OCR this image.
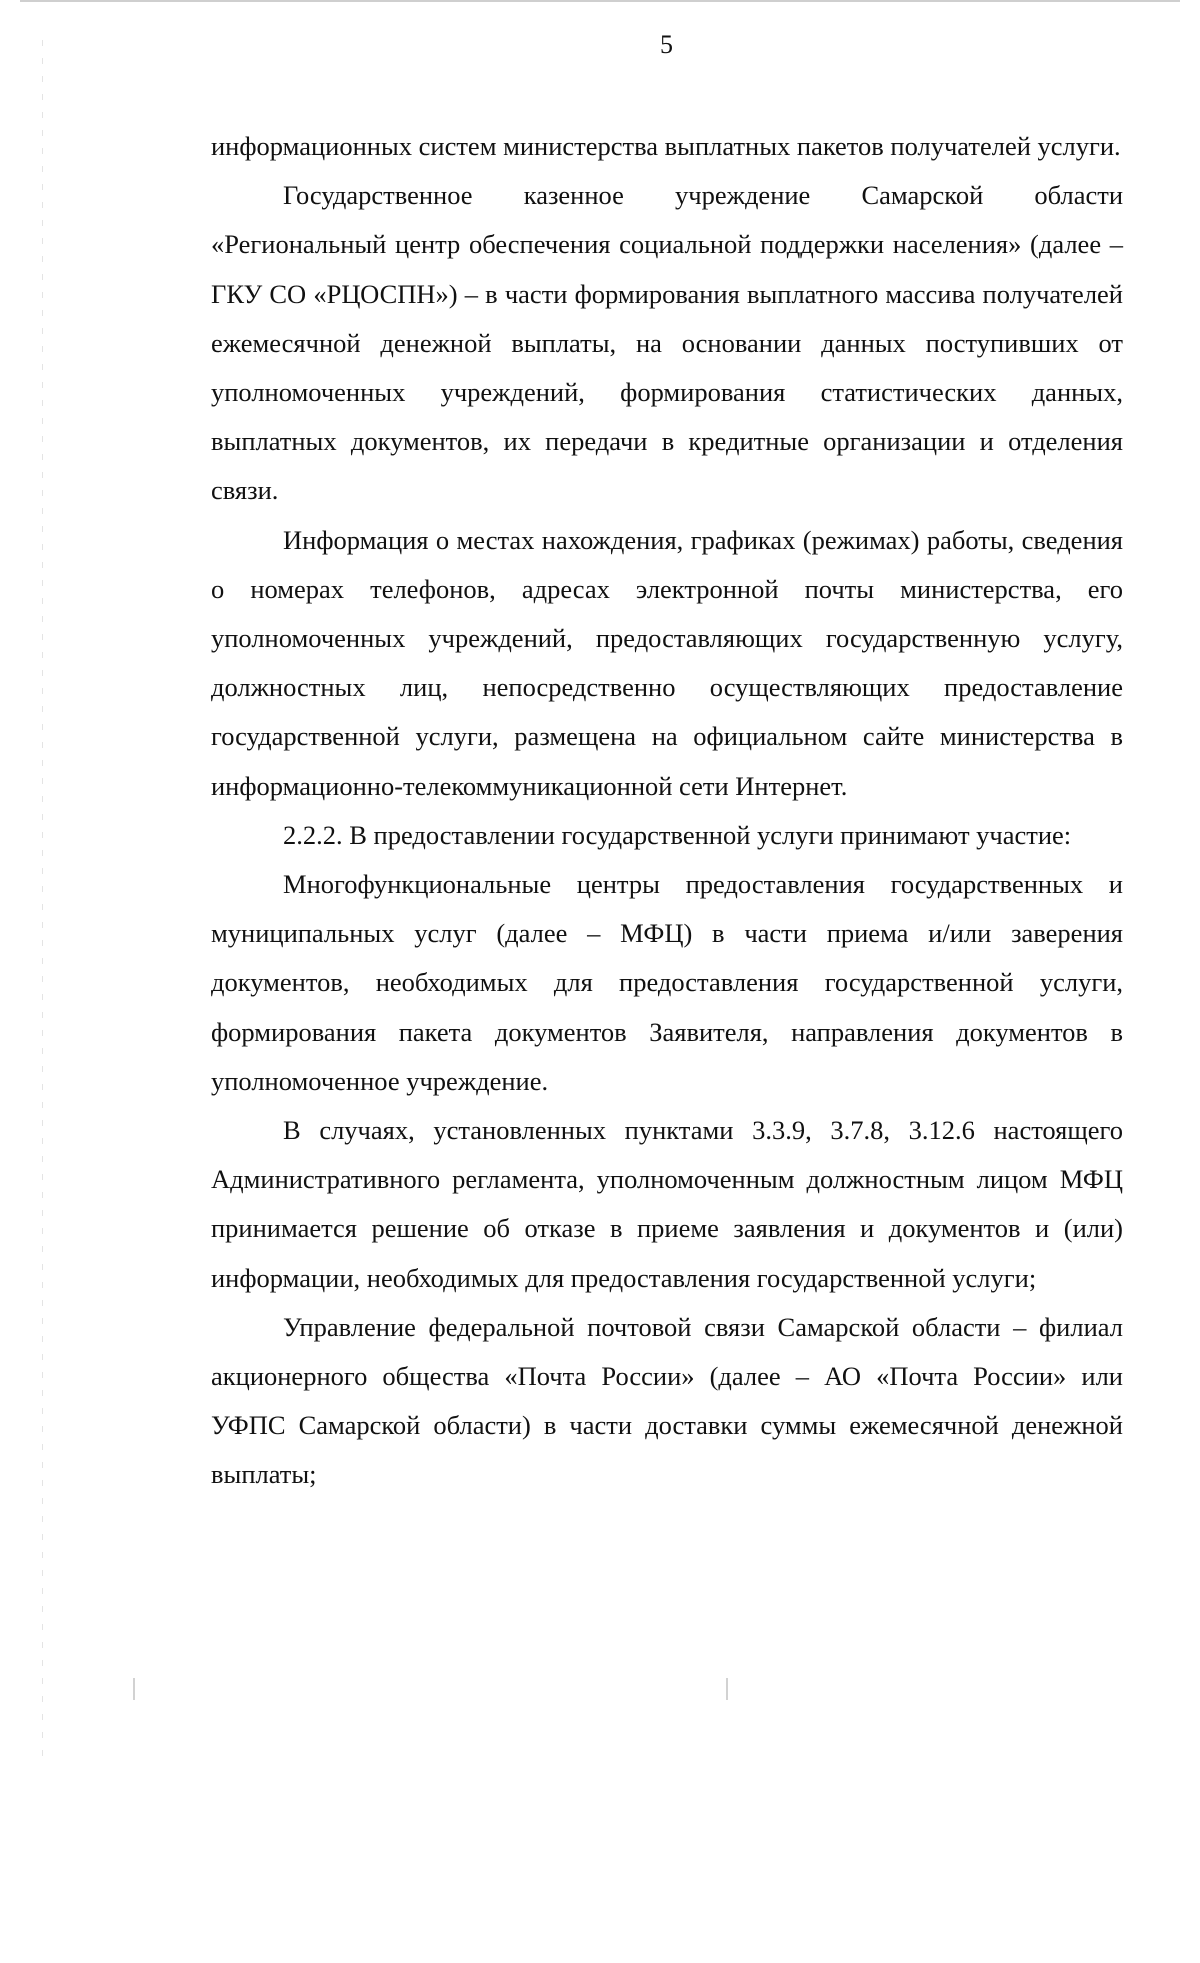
5

информационных систем министерства выплатных пакетов получателей услуги.

Государственное казенное учреждение Самарской области «Региональный центр обеспечения социальной поддержки населения» (далее – ГКУ СО «РЦОСПН») – в части формирования выплатного массива получателей ежемесячной денежной выплаты, на основании данных поступивших от уполномоченных учреждений, формирования статистических данных, выплатных документов, их передачи в кредитные организации и отделения связи.

Информация о местах нахождения, графиках (режимах) работы, сведения о номерах телефонов, адресах электронной почты министерства, его уполномоченных учреждений, предоставляющих государственную услугу, должностных лиц, непосредственно осуществляющих предоставление государственной услуги, размещена на официальном сайте министерства в информационно-телекоммуникационной сети Интернет.

2.2.2. В предоставлении государственной услуги принимают участие:

Многофункциональные центры предоставления государственных и муниципальных услуг (далее – МФЦ) в части приема и/или заверения документов, необходимых для предоставления государственной услуги, формирования пакета документов Заявителя, направления документов в уполномоченное учреждение.

В случаях, установленных пунктами 3.3.9, 3.7.8, 3.12.6 настоящего Административного регламента, уполномоченным должностным лицом МФЦ принимается решение об отказе в приеме заявления и документов и (или) информации, необходимых для предоставления государственной услуги;

Управление федеральной почтовой связи Самарской области – филиал акционерного общества «Почта России» (далее – АО «Почта России» или УФПС Самарской области) в части доставки суммы ежемесячной денежной выплаты;
